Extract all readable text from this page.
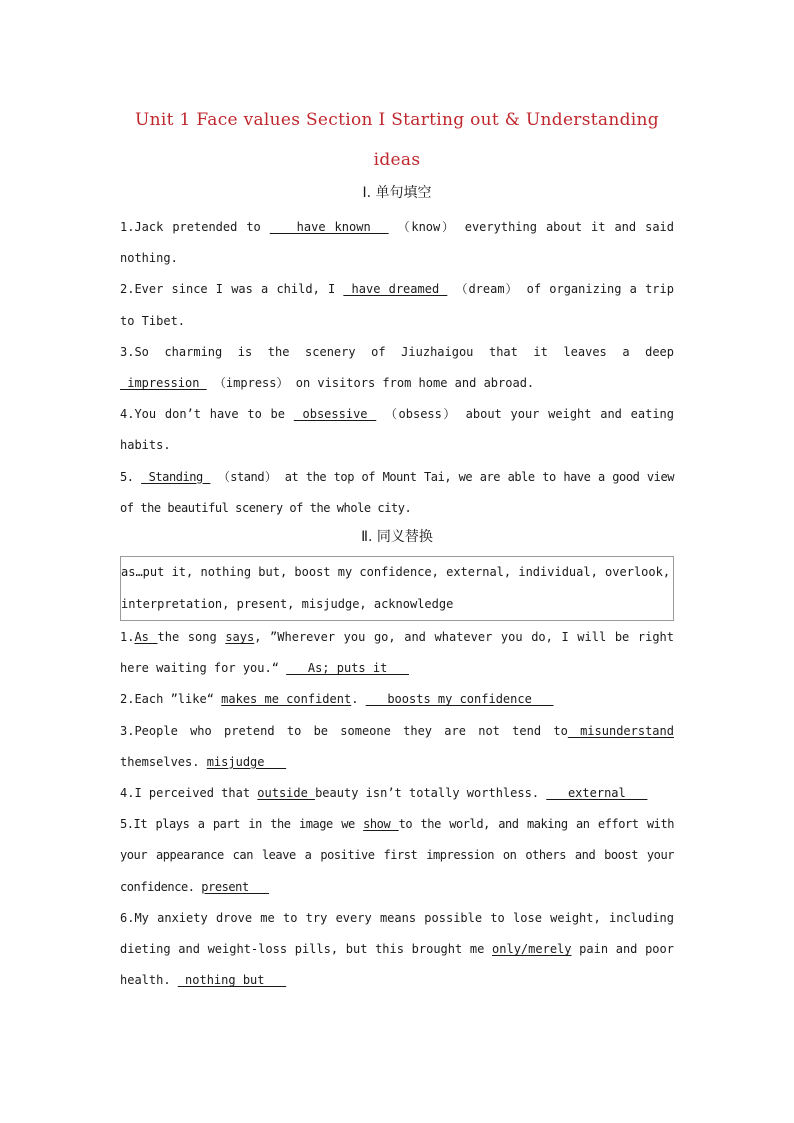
Unit 1 Face values Section Ⅰ Starting out & Understanding
ideas
Ⅰ. 单句填空
1.Jack pretended to    have known   （know） everything about it and said nothing.
2.Ever since I was a child, I  have dreamed  （dream） of organizing a trip to Tibet.
3.So charming is the scenery of Jiuzhaigou that it leaves a deep  impression  （impress） on visitors from home and abroad.
4.You don’t have to be  obsessive  （obsess） about your weight and eating habits.
5.  Standing  （stand） at the top of Mount Tai, we are able to have a good view of the beautiful scenery of the whole city.
Ⅱ. 同义替换
as…put it, nothing but, boost my confidence, external, individual, overlook, interpretation, present, misjudge, acknowledge
1.As the song says, ”Wherever you go, and whatever you do, I will be right here waiting for you.“    As; puts it
2.Each ”like“ makes me confident.    boosts my confidence
3.People who pretend to be someone they are not tend to misunderstand themselves. misjudge
4.I perceived that outside beauty isn’t totally worthless.    external
5.It plays a part in the image we show to the world, and making an effort with your appearance can leave a positive first impression on others and boost your confidence. present
6.My anxiety drove me to try every means possible to lose weight, including dieting and weight-loss pills, but this brought me only/merely pain and poor health.  nothing but
